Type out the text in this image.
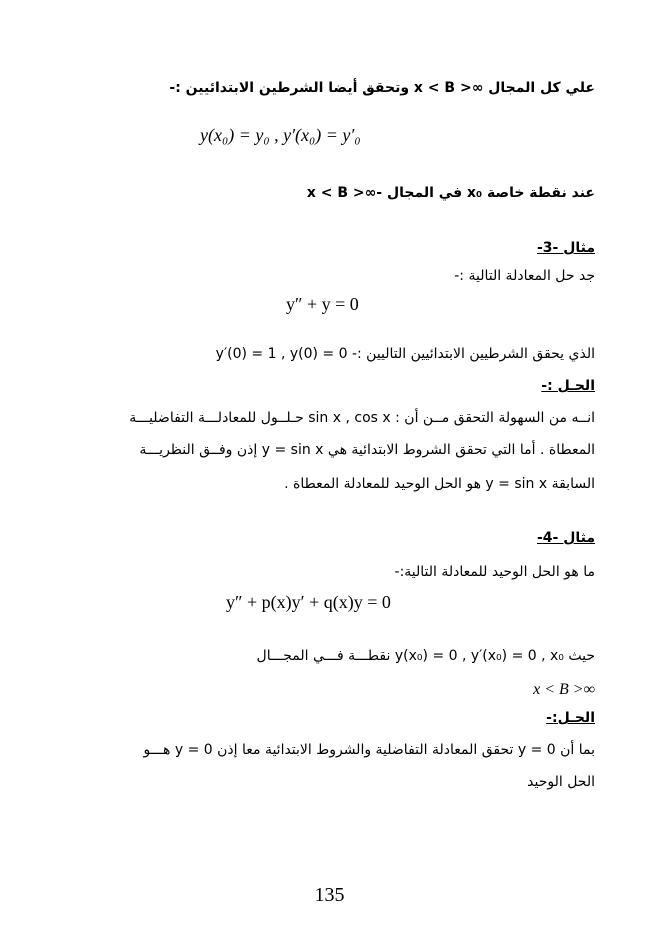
علي كل المجال ∞< x < B وتحقق أيضا الشرطين الابتدائيين :-
y(x₀) = y₀ , y′(x₀) = y′₀
عند نقطة خاصة x₀ في المجال -∞< x < B
مثال -3-
جد حل المعادلة التالية :-
y″ + y = 0
الذي يحقق الشرطيين الابتدائيين التاليين :- y′(0) = 1 , y(0) = 0
الحـل :-
انــه من السهولة التحقق مــن أن : sin x , cos x حـلــول للمعادلـــة التفاضليـــة
المعطاة . أما التي تحقق الشروط الابتدائية هي y = sin x إذن وفــق النظريـــة
السابقة y = sin x هو الحل الوحيد للمعادلة المعطاة .
مثال -4-
ما هو الحل الوحيد للمعادلة التالية:-
y″ + p(x)y′ + q(x)y = 0
حيث y(x₀) = 0 , y′(x₀) = 0 , x₀ نقطـــة فـــي المجـــال
∞< x < B
الحـل:-
بما أن y = 0 تحقق المعادلة التفاضلية والشروط الابتدائية معا إذن y = 0 هـــو
الحل الوحيد
135
